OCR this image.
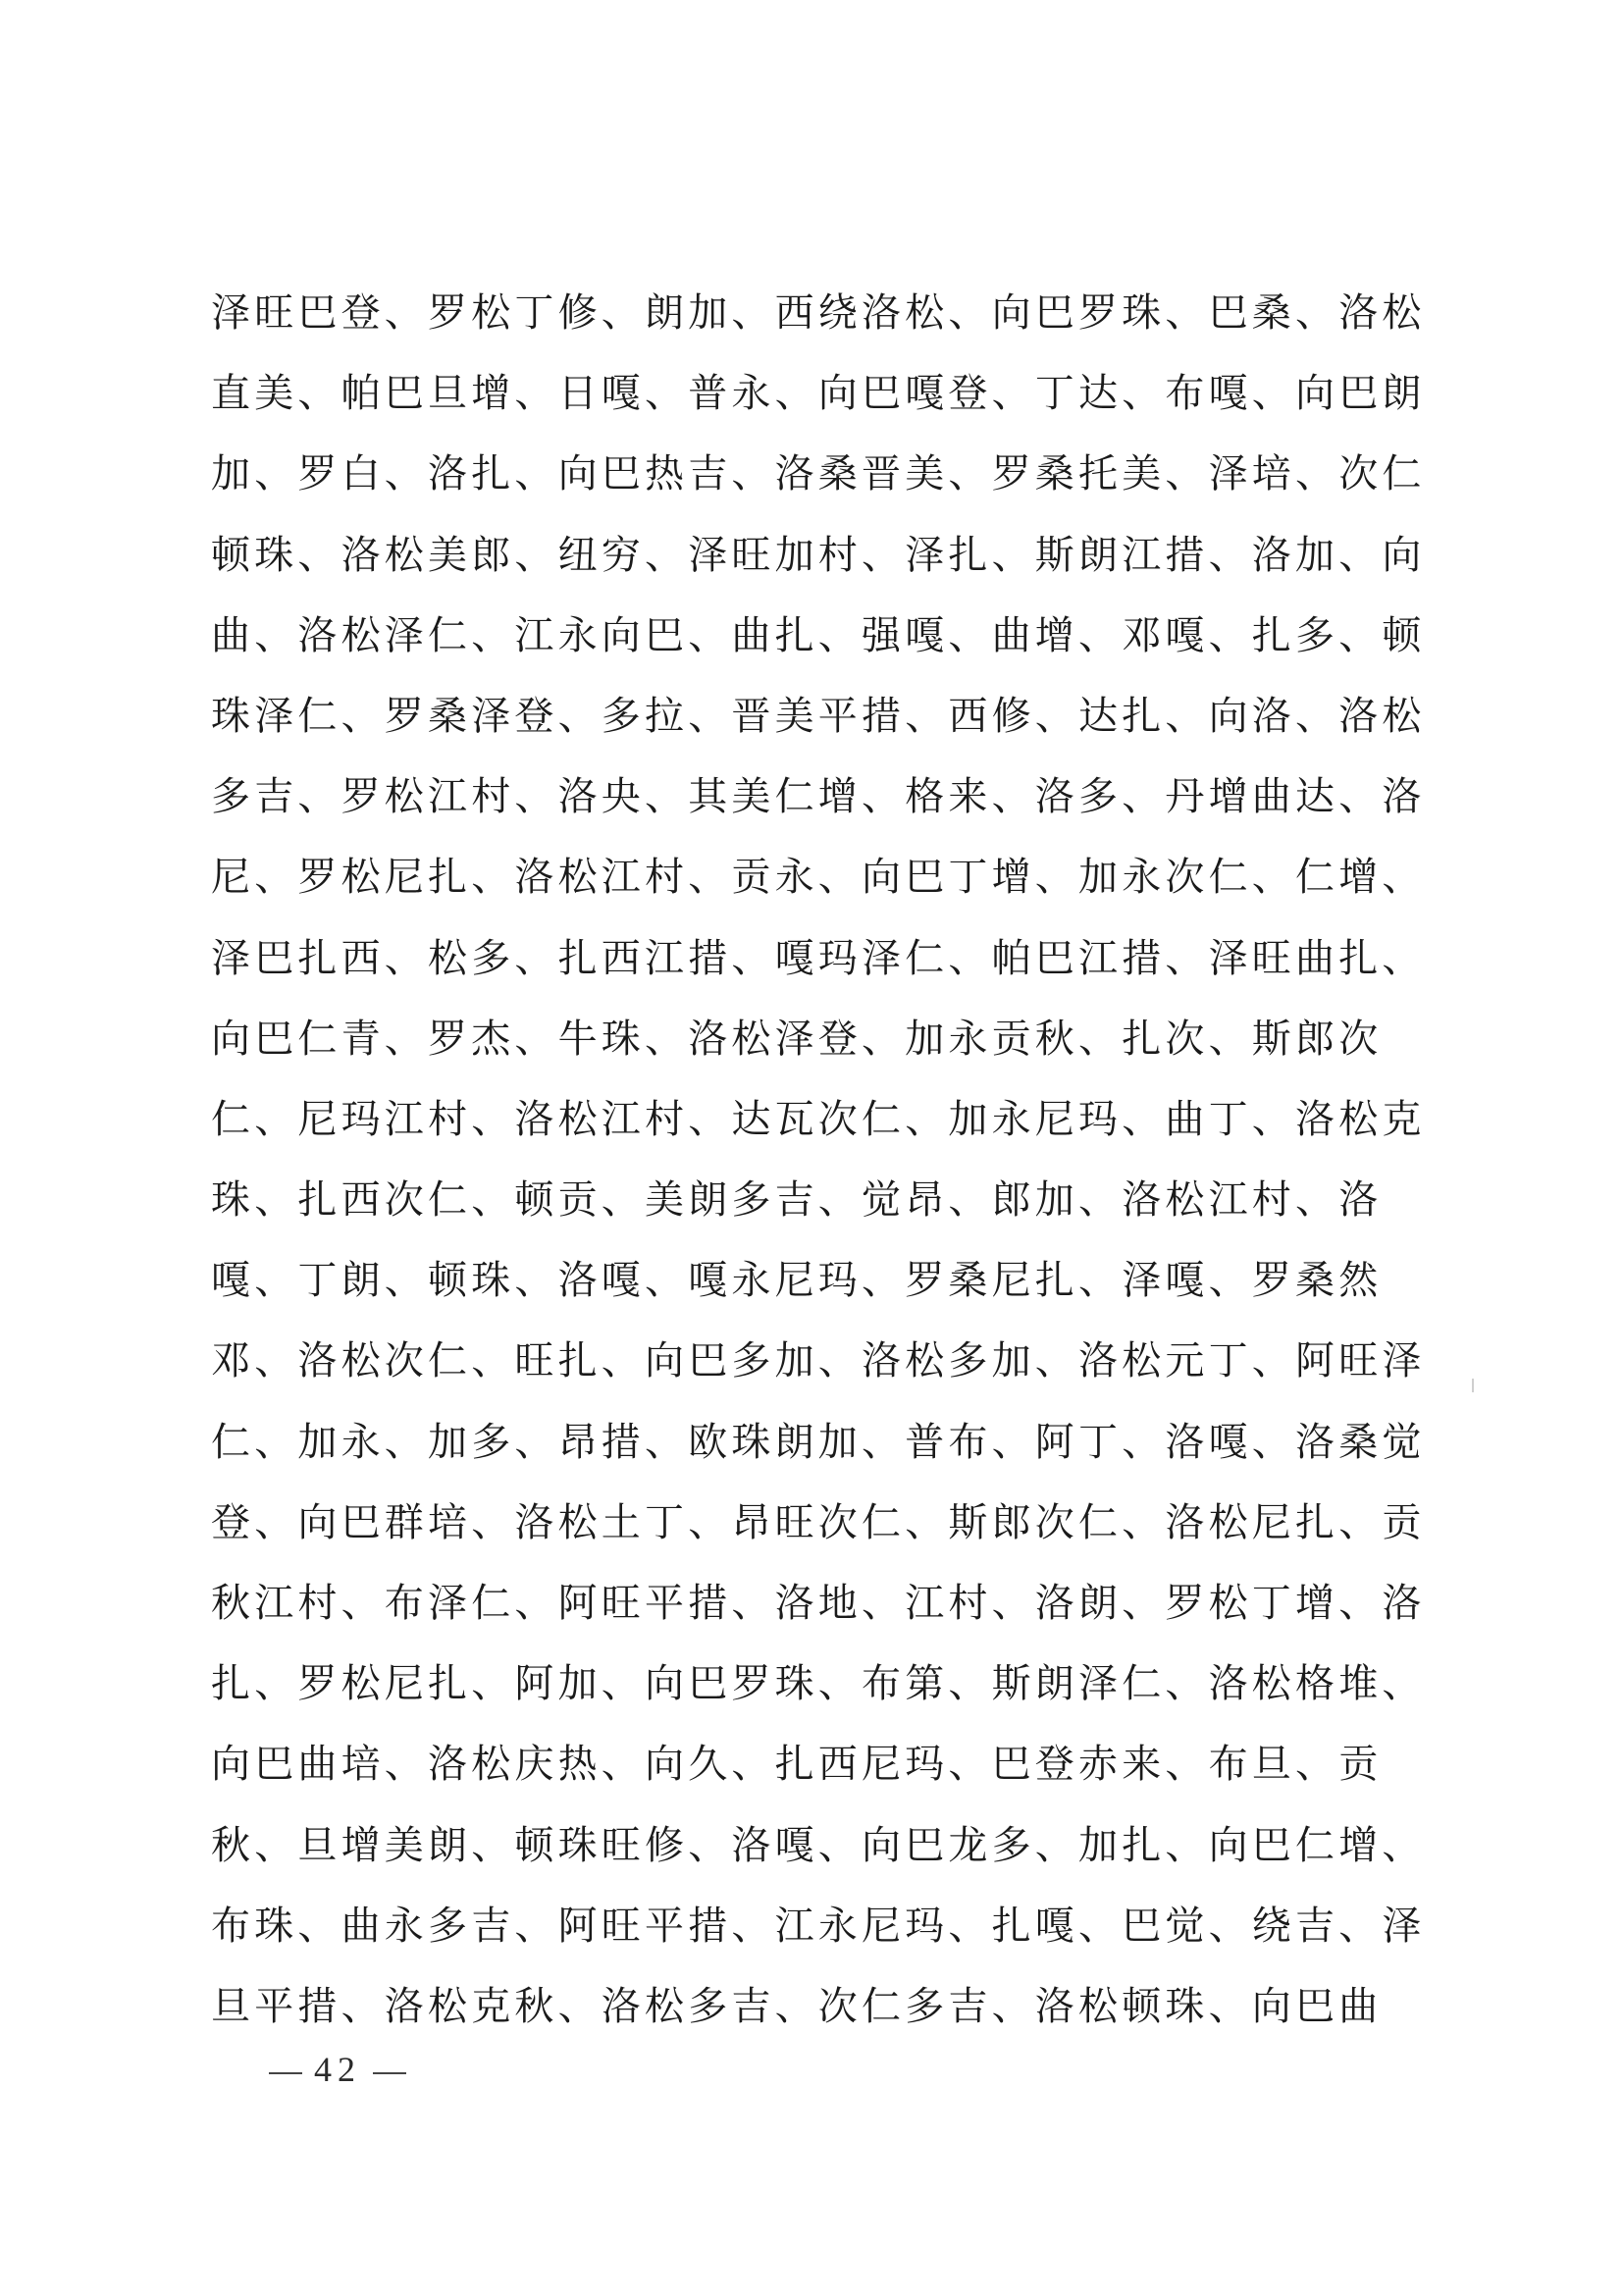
泽旺巴登、罗松丁修、朗加、西绕洛松、向巴罗珠、巴桑、洛松
直美、帕巴旦增、日嘎、普永、向巴嘎登、丁达、布嘎、向巴朗
加、罗白、洛扎、向巴热吉、洛桑晋美、罗桑托美、泽培、次仁
顿珠、洛松美郎、纽穷、泽旺加村、泽扎、斯朗江措、洛加、向
曲、洛松泽仁、江永向巴、曲扎、强嘎、曲增、邓嘎、扎多、顿
珠泽仁、罗桑泽登、多拉、晋美平措、西修、达扎、向洛、洛松
多吉、罗松江村、洛央、其美仁增、格来、洛多、丹增曲达、洛
尼、罗松尼扎、洛松江村、贡永、向巴丁增、加永次仁、仁增、
泽巴扎西、松多、扎西江措、嘎玛泽仁、帕巴江措、泽旺曲扎、
向巴仁青、罗杰、牛珠、洛松泽登、加永贡秋、扎次、斯郎次
仁、尼玛江村、洛松江村、达瓦次仁、加永尼玛、曲丁、洛松克
珠、扎西次仁、顿贡、美朗多吉、觉昂、郎加、洛松江村、洛
嘎、丁朗、顿珠、洛嘎、嘎永尼玛、罗桑尼扎、泽嘎、罗桑然
邓、洛松次仁、旺扎、向巴多加、洛松多加、洛松元丁、阿旺泽
仁、加永、加多、昂措、欧珠朗加、普布、阿丁、洛嘎、洛桑觉
登、向巴群培、洛松土丁、昂旺次仁、斯郎次仁、洛松尼扎、贡
秋江村、布泽仁、阿旺平措、洛地、江村、洛朗、罗松丁增、洛
扎、罗松尼扎、阿加、向巴罗珠、布第、斯朗泽仁、洛松格堆、
向巴曲培、洛松庆热、向久、扎西尼玛、巴登赤来、布旦、贡
秋、旦增美朗、顿珠旺修、洛嘎、向巴龙多、加扎、向巴仁增、
布珠、曲永多吉、阿旺平措、江永尼玛、扎嘎、巴觉、绕吉、泽
旦平措、洛松克秋、洛松多吉、次仁多吉、洛松顿珠、向巴曲
42
